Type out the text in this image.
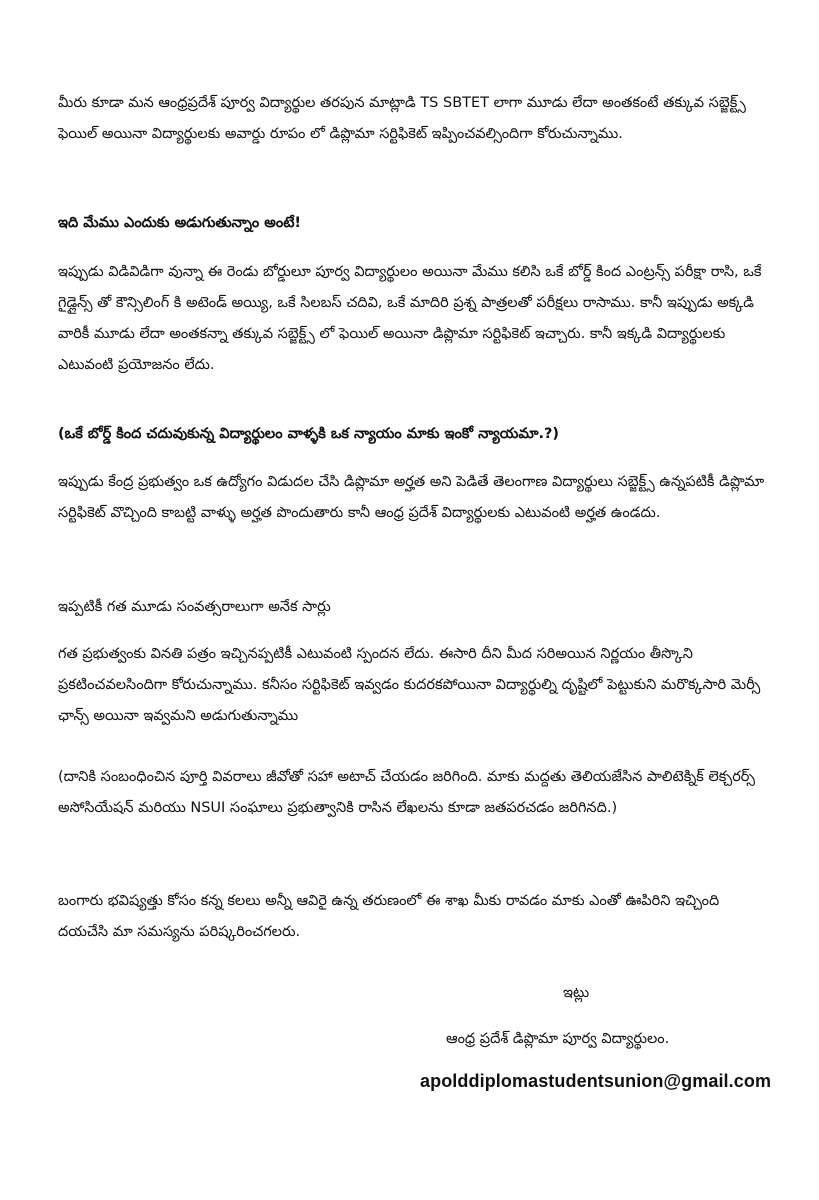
మీరు కూడా మన ఆంధ్రప్రదేశ్ పూర్వ విద్యార్థుల తరపున మాట్లాడి TS SBTET లాగా మూడు లేదా అంతకంటే తక్కువ సబ్జెక్ట్స్ ఫెయిల్ అయినా విద్యార్థులకు అవార్డు రూపం లో డిప్లొమా సర్టిఫికెట్ ఇప్పించవల్సిందిగా కోరుచున్నాము.

ఇది మేము ఎందుకు అడుగుతున్నాం అంటే!

ఇప్పుడు విడివిడిగా వున్నా ఈ రెండు బోర్డులూ పూర్వ విద్యార్థులం అయినా మేము కలిసి ఒకే బోర్డ్ కింద ఎంట్రన్స్ పరీక్షా రాసి, ఒకే గైడ్లైన్స్ తో కౌన్సిలింగ్ కి అటెండ్ అయ్యి, ఒకే సిలబస్ చదివి, ఒకే మాదిరి ప్రశ్న పాత్రలతో పరీక్షలు రాసాము. కానీ ఇప్పుడు అక్కడి వారికీ మూడు లేదా అంతకన్నా తక్కువ సబ్జెక్ట్స్ లో ఫెయిల్ అయినా డిప్లొమా సర్టిఫికెట్ ఇచ్చారు. కానీ ఇక్కడి విద్యార్థులకు ఎటువంటి ప్రయోజనం లేదు.

(ఒకే బోర్డ్ కింద చదువుకున్న విద్యార్థులం వాళ్ళకి ఒక న్యాయం మాకు ఇంకో న్యాయమా.?)

ఇప్పుడు కేంద్ర ప్రభుత్వం ఒక ఉద్యోగం విడుదల చేసి డిప్లొమా అర్హత అని పెడితే తెలంగాణ విద్యార్థులు సబ్జెక్ట్స్ ఉన్నపటికీ డిప్లొమా సర్టిఫికెట్ వొచ్చింది కాబట్టి వాళ్ళు అర్హత పొందుతారు కానీ ఆంధ్ర ప్రదేశ్ విద్యార్థులకు ఎటువంటి అర్హత ఉండదు.

ఇప్పటికీ గత మూడు సంవత్సరాలుగా అనేక సార్లు

గత ప్రభుత్వంకు వినతి పత్రం ఇచ్చినప్పటికీ ఎటువంటి స్పందన లేదు. ఈసారి దీని మీద సరిఅయిన నిర్ణయం తీస్కొని ప్రకటించవలసిందిగా కోరుచున్నాము. కనీసం సర్టిఫికెట్ ఇవ్వడం కుదరకపోయినా విద్యార్థుల్ని దృష్టిలో పెట్టుకుని మరొక్కసారి మెర్సీ ఛాన్స్ అయినా ఇవ్వమని అడుగుతున్నాము

(దానికి సంబంధించిన పూర్తి వివరాలు జీవోతో సహా అటాచ్ చేయడం జరిగింది. మాకు మద్దతు తెలియజేసిన పాలిటెక్నిక్ లెక్చరర్స్ అసోసియేషన్ మరియు NSUI సంఘాలు ప్రభుత్వానికి రాసిన లేఖలను కూడా జతపరచడం జరిగినది.)

బంగారు భవిష్యత్తు కోసం కన్న కలలు అన్నీ ఆవిరై ఉన్న తరుణంలో ఈ శాఖ మీకు రావడం మాకు ఎంతో ఊపిరిని ఇచ్చింది దయచేసి మా సమస్యను పరిష్కరించగలరు.

ఇట్లు
ఆంధ్ర ప్రదేశ్ డిప్లొమా పూర్వ విద్యార్థులం.
apolddiplomastudentsunion@gmail.com
